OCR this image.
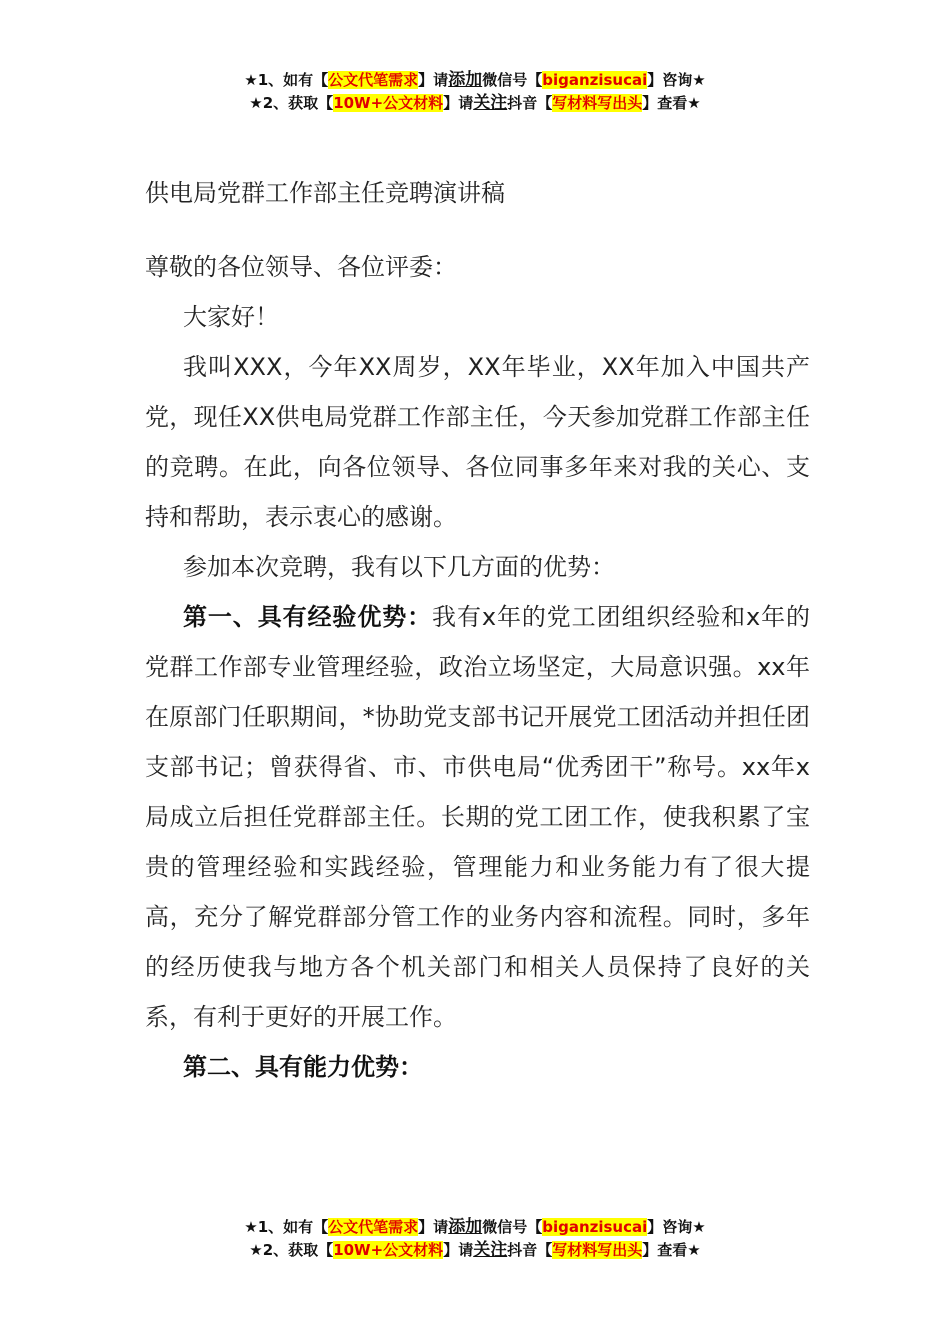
★1、如有【公文代笔需求】请添加微信号【biganzisucai】咨询★
★2、获取【10W+公文材料】请关注抖音【写材料写出头】查看★

供电局党群工作部主任竞聘演讲稿

尊敬的各位领导、各位评委：

大家好！

我叫XXX，今年XX周岁，XX年毕业，XX年加入中国共产党，现任XX供电局党群工作部主任，今天参加党群工作部主任的竞聘。在此，向各位领导、各位同事多年来对我的关心、支持和帮助，表示衷心的感谢。

参加本次竞聘，我有以下几方面的优势：

第一、具有经验优势：我有x年的党工团组织经验和x年的党群工作部专业管理经验，政治立场坚定，大局意识强。xx年在原部门任职期间，*协助党支部书记开展党工团活动并担任团支部书记；曾获得省、市、市供电局“优秀团干”称号。xx年x局成立后担任党群部主任。长期的党工团工作，使我积累了宝贵的管理经验和实践经验，管理能力和业务能力有了很大提高，充分了解党群部分管工作的业务内容和流程。同时，多年的经历使我与地方各个机关部门和相关人员保持了良好的关系，有利于更好的开展工作。

第二、具有能力优势：

★1、如有【公文代笔需求】请添加微信号【biganzisucai】咨询★
★2、获取【10W+公文材料】请关注抖音【写材料写出头】查看★
